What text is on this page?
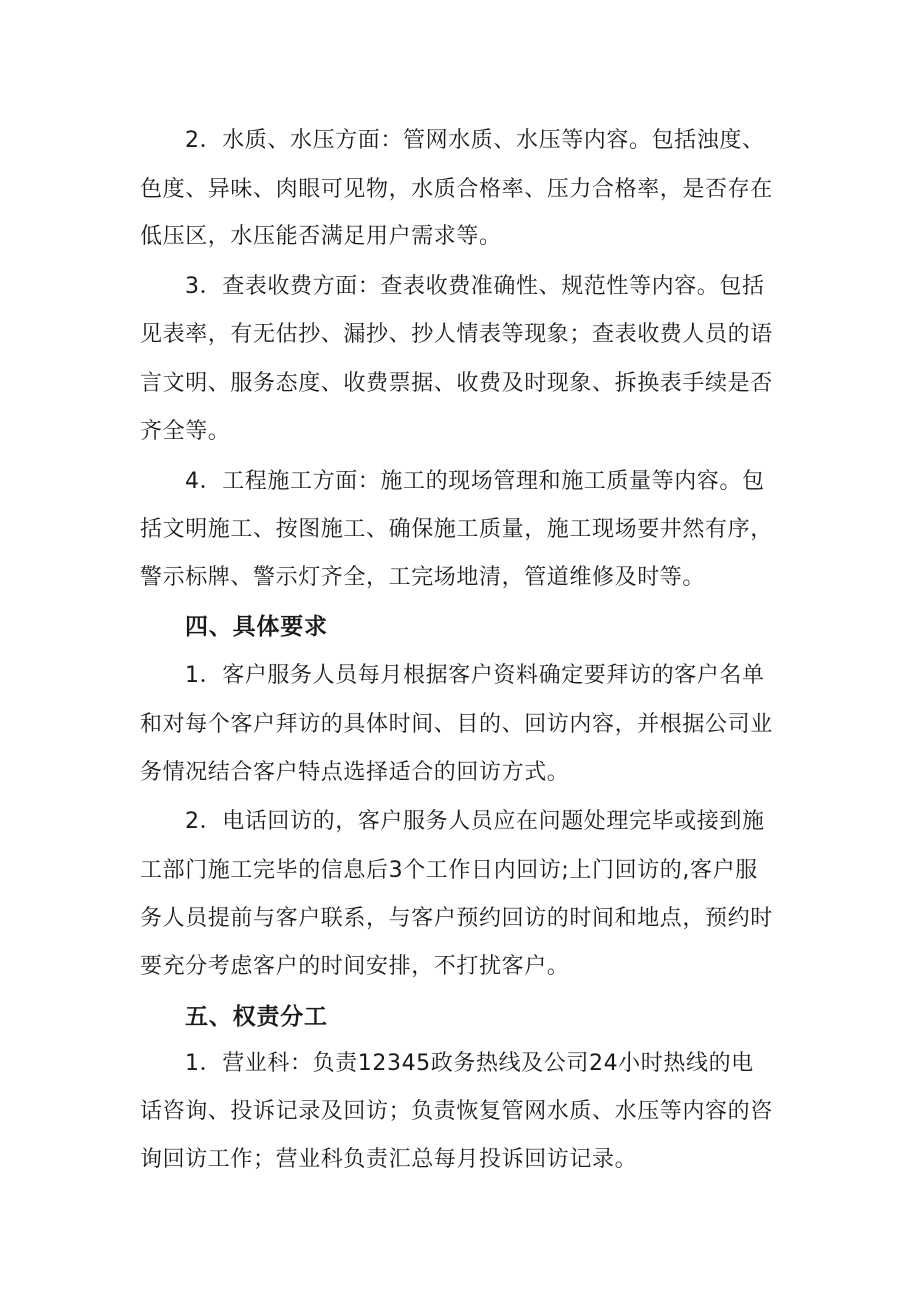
2．水质、水压方面：管网水质、水压等内容。包括浊度、
色度、异味、肉眼可见物，水质合格率、压力合格率，是否存在
低压区，水压能否满足用户需求等。
3．查表收费方面：查表收费准确性、规范性等内容。包括
见表率，有无估抄、漏抄、抄人情表等现象；查表收费人员的语
言文明、服务态度、收费票据、收费及时现象、拆换表手续是否
齐全等。
4．工程施工方面：施工的现场管理和施工质量等内容。包
括文明施工、按图施工、确保施工质量，施工现场要井然有序，
警示标牌、警示灯齐全，工完场地清，管道维修及时等。
四、具体要求
1．客户服务人员每月根据客户资料确定要拜访的客户名单
和对每个客户拜访的具体时间、目的、回访内容，并根据公司业
务情况结合客户特点选择适合的回访方式。
2．电话回访的，客户服务人员应在问题处理完毕或接到施
工部门施工完毕的信息后3个工作日内回访;上门回访的,客户服
务人员提前与客户联系，与客户预约回访的时间和地点，预约时
要充分考虑客户的时间安排，不打扰客户。
五、权责分工
1．营业科：负责12345政务热线及公司24小时热线的电
话咨询、投诉记录及回访；负责恢复管网水质、水压等内容的咨
询回访工作；营业科负责汇总每月投诉回访记录。
